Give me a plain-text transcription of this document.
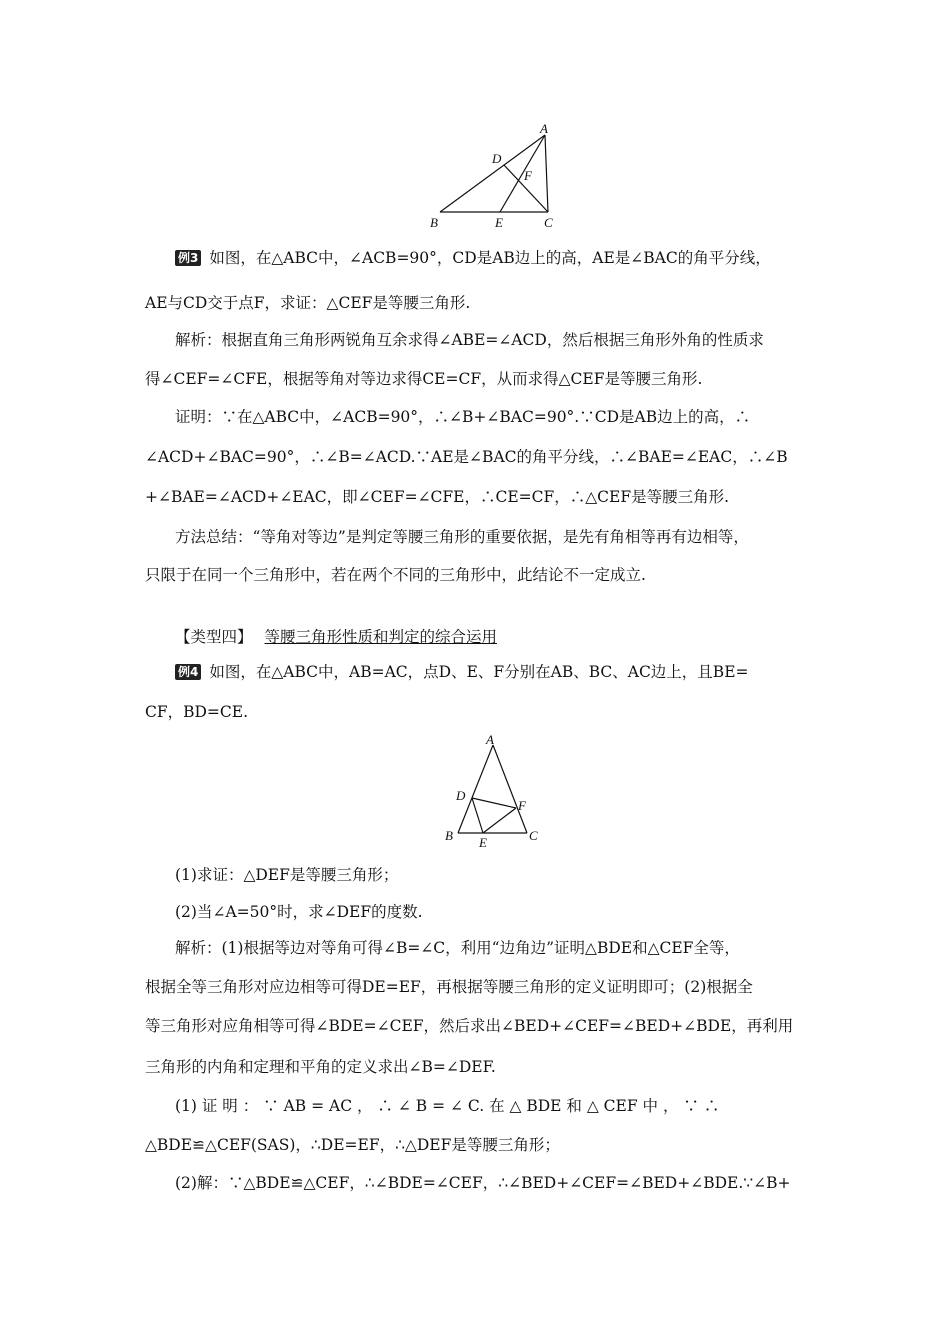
A
D
F
B	E	C

例3 如图，在△ABC中，∠ACB=90°，CD是AB边上的高，AE是∠BAC的角平分线，

AE与CD交于点F，求证：△CEF是等腰三角形.

解析：根据直角三角形两锐角互余求得∠ABE=∠ACD，然后根据三角形外角的性质求

得∠CEF=∠CFE，根据等角对等边求得CE=CF，从而求得△CEF是等腰三角形.

证明：∵在△ABC中，∠ACB=90°，∴∠B+∠BAC=90°.∵CD是AB边上的高，∴

∠ACD+∠BAC=90°，∴∠B=∠ACD.∵AE是∠BAC的角平分线，∴∠BAE=∠EAC，∴∠B

+∠BAE=∠ACD+∠EAC，即∠CEF=∠CFE，∴CE=CF，∴△CEF是等腰三角形.

方法总结：“等角对等边”是判定等腰三角形的重要依据，是先有角相等再有边相等，

只限于在同一个三角形中，若在两个不同的三角形中，此结论不一定成立.

【类型四】 等腰三角形性质和判定的综合运用

例4 如图，在△ABC中，AB=AC，点D、E、F分别在AB、BC、AC边上，且BE=

CF，BD=CE.

A
D
F
B E	C

(1)求证：△DEF是等腰三角形；

(2)当∠A=50°时，求∠DEF的度数.

解析：(1)根据等边对等角可得∠B=∠C，利用“边角边”证明△BDE和△CEF全等，

根据全等三角形对应边相等可得DE=EF，再根据等腰三角形的定义证明即可；(2)根据全

等三角形对应角相等可得∠BDE=∠CEF，然后求出∠BED+∠CEF=∠BED+∠BDE，再利用

三角形的内角和定理和平角的定义求出∠B=∠DEF.

(1) 证 明 ： ∵ AB = AC ， ∴ ∠ B = ∠ C. 在 △ BDE 和 △ CEF 中 ， ∵ ∴

△BDE≌△CEF(SAS)，∴DE=EF，∴△DEF是等腰三角形；

(2)解：∵△BDE≌△CEF，∴∠BDE=∠CEF，∴∠BED+∠CEF=∠BED+∠BDE.∵∠B+
